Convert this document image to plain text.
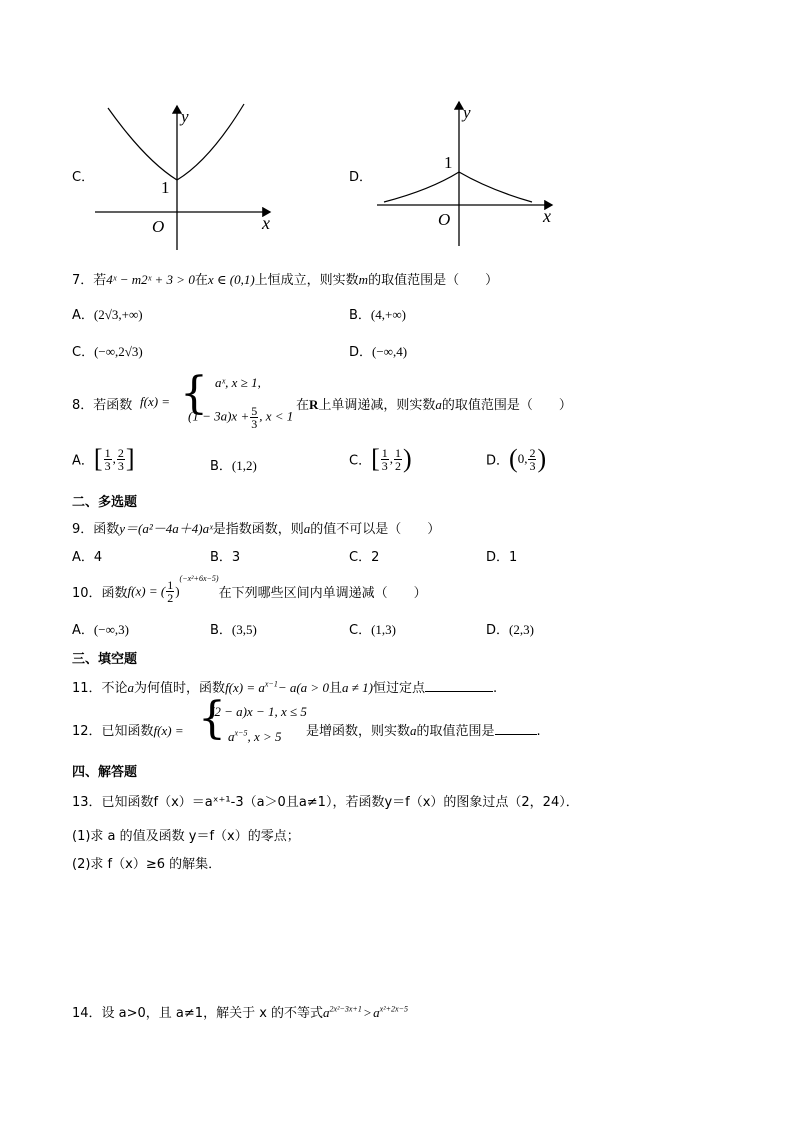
C．
y
x
O
1
D．
y
x
O
1
7．若4ˣ − m2ˣ + 3 > 0在x ∈ (0,1)上恒成立，则实数m的取值范围是（　　）
A．(2√3,+∞)	B．(4,+∞)
C．(−∞,2√3)	D．(−∞,4)
8．若函数 f(x) = { aˣ, x ≥ 1,
$(1 - 3a)x + \frac{5}{3}$ , x < 1
在R上单调递减，则实数a的取值范围是（　　）
A．[ $\frac{1}{3}$ , $\frac{2}{3}$ ]	B．(1,2)	C．[ $\frac{1}{3}$ , $\frac{1}{2}$ )	D．(0, $\frac{2}{3}$ )
二、多选题
9．函数y＝(a²－4a＋4)aˣ是指数函数，则a的值不可以是（　　）
A．4	B．3	C．2	D．1
10．函数f(x) = ( $\frac{1}{2} )^{(-x^2+6x-5)}$在下列哪些区间内单调递减（　　）
A．(−∞,3)	B．(3,5)	C．(1,3)	D．(2,3)
三、填空题
11．不论a为何值时，函数$f(x) = a^{x-1}- a(a > 0$且a ≠ 1)恒过定点	.
12．已知函数f(x) = {
(2 − a)x − 1, x ≤ 5
$a^{x-5}$, x > 5 是增函数，则实数a的取值范围是	.
四、解答题
13．已知函数f（x）＝aˣ⁺¹-3（a＞0且a≠1），若函数y＝f（x）的图象过点（2，24）．
(1)求 a 的值及函数 y＝f（x）的零点；
(2)求 f（x）≥6 的解集．
14．设 a>0，且 a≠1，解关于 x 的不等式$a^{2x^2-3x+1} > a^{x^2+2x-5}$
